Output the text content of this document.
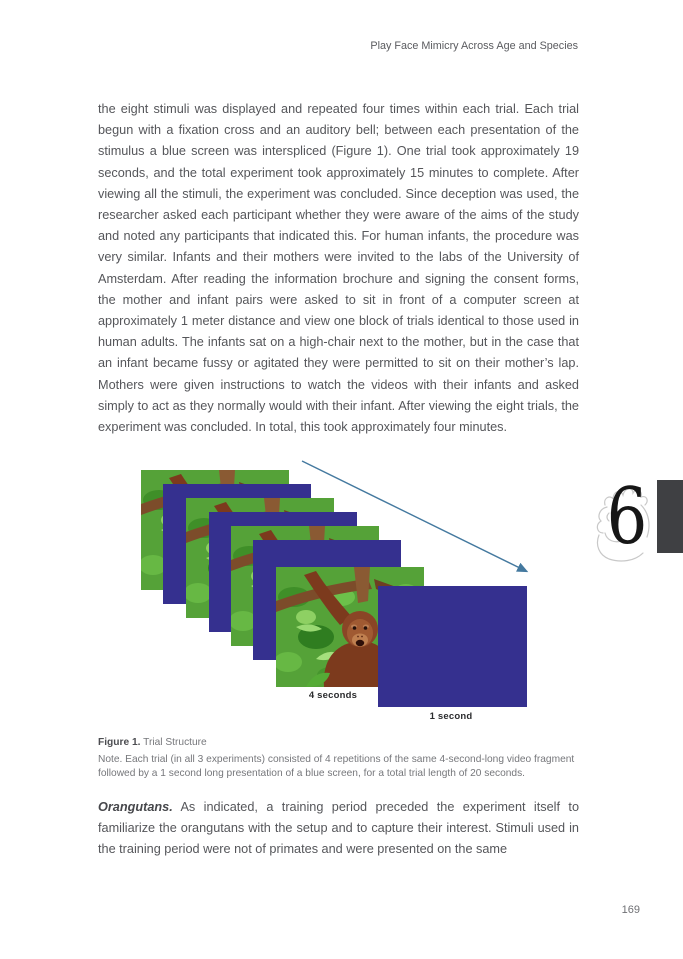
Play Face Mimicry Across Age and Species
the eight stimuli was displayed and repeated four times within each trial. Each trial begun with a fixation cross and an auditory bell; between each presentation of the stimulus a blue screen was interspliced (Figure 1). One trial took approximately 19 seconds, and the total experiment took approximately 15 minutes to complete. After viewing all the stimuli, the experiment was concluded. Since deception was used, the researcher asked each participant whether they were aware of the aims of the study and noted any participants that indicated this. For human infants, the procedure was very similar. Infants and their mothers were invited to the labs of the University of Amsterdam. After reading the information brochure and signing the consent forms, the mother and infant pairs were asked to sit in front of a computer screen at approximately 1 meter distance and view one block of trials identical to those used in human adults. The infants sat on a high-chair next to the mother, but in the case that an infant became fussy or agitated they were permitted to sit on their mother’s lap. Mothers were given instructions to watch the videos with their infants and asked simply to act as they normally would with their infant. After viewing the eight trials, the experiment was concluded. In total, this took approximately four minutes.
4 seconds
1 second
6
Figure 1. Trial Structure
Note. Each trial (in all 3 experiments) consisted of 4 repetitions of the same 4-second-long video fragment followed by a 1 second long presentation of a blue screen, for a total trial length of 20 seconds.
Orangutans. As indicated, a training period preceded the experiment itself to familiarize the orangutans with the setup and to capture their interest. Stimuli used in the training period were not of primates and were presented on the same
169
